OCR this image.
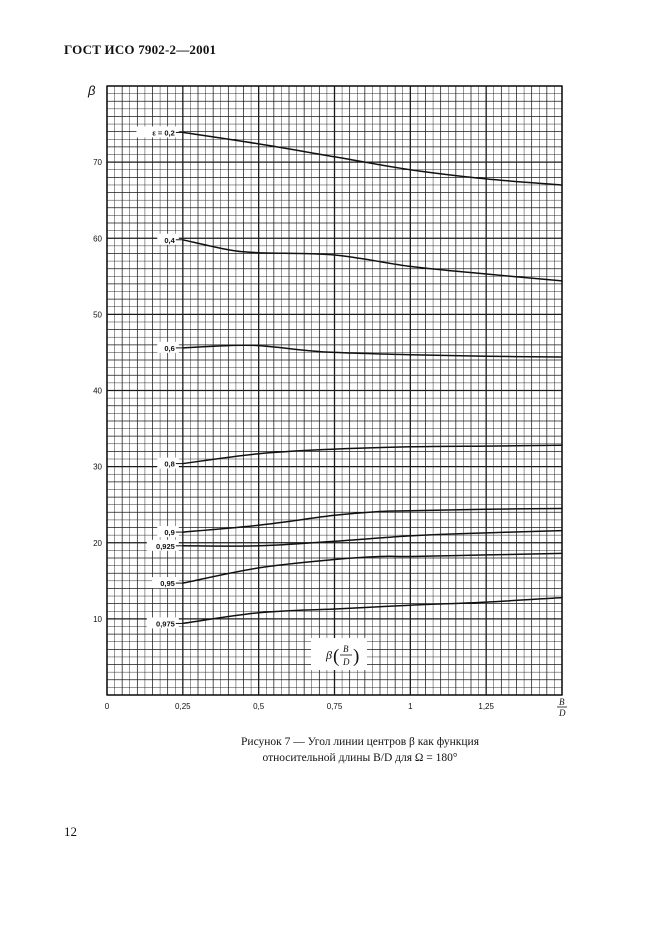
ГОСТ ИСО 7902-2—2001
10
20
30
40
50
60
70
0	0,25	0,5	0,75	1	1,25
ε = 0,2
0,4
0,6
0,8
0,9
0,925
0,95
0,975
β
β ( B
D )
B
D
Рисунок 7 — Угол линии центров β как функция
относительной длины B/D для Ω = 180°
12
